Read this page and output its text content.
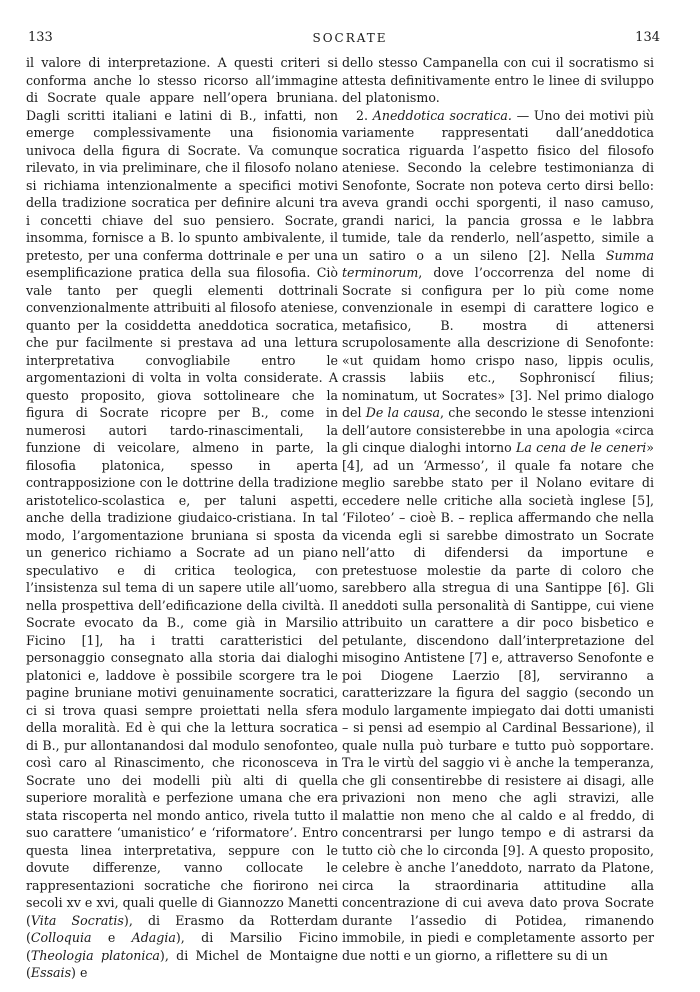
133	SOCRATE	134

il valore di interpretazione. A questi criteri si conforma anche lo stesso ricorso all’immagine di Socrate quale appare nell’opera bruniana. Dagli scritti italiani e latini di B., infatti, non emerge complessivamente una fisionomia univoca della figura di Socrate. Va comunque rilevato, in via preliminare, che il filosofo nolano si richiama intenzionalmente a specifici motivi della tradizione socratica per definire alcuni tra i concetti chiave del suo pensiero. Socrate, insomma, fornisce a B. lo spunto ambivalente, il pretesto, per una conferma dottrinale e per una esemplificazione pratica della sua filosofia. Ciò vale tanto per quegli elementi dottrinali convenzionalmente attribuiti al filosofo ateniese, quanto per la cosiddetta aneddotica socratica, che pur facilmente si prestava ad una lettura interpretativa convogliabile entro le argomentazioni di volta in volta considerate. A questo proposito, giova sottolineare che la figura di Socrate ricopre per B., come in numerosi autori tardo-rinascimentali, la funzione di veicolare, almeno in parte, la filosofia platonica, spesso in aperta contrapposizione con le dottrine della tradizione aristotelico-scolastica e, per taluni aspetti, anche della tradizione giudaico-cristiana. In tal modo, l’argomentazione bruniana si sposta da un generico richiamo a Socrate ad un piano speculativo e di critica teologica, con l’insistenza sul tema di un sapere utile all’uomo, nella prospettiva dell’edificazione della civiltà. Il Socrate evocato da B., come già in Marsilio Ficino [1], ha i tratti caratteristici del personaggio consegnato alla storia dai dialoghi platonici e, laddove è possibile scorgere tra le pagine bruniane motivi genuinamente socratici, ci si trova quasi sempre proiettati nella sfera della moralità. Ed è qui che la lettura socratica di B., pur allontanandosi dal modulo senofonteo, così caro al Rinascimento, che riconosceva in Socrate uno dei modelli più alti di quella superiore moralità e perfezione umana che era stata riscoperta nel mondo antico, rivela tutto il suo carattere ‘umanistico’ e ‘riformatore’. Entro questa linea interpretativa, seppure con le dovute differenze, vanno collocate le rappresentazioni socratiche che fiorirono nei secoli xv e xvi, quali quelle di Giannozzo Manetti (Vita Socratis), di Erasmo da Rotterdam (Colloquia e Adagia), di Marsilio Ficino (Theologia platonica), di Michel de Montaigne (Essais) e

dello stesso Campanella con cui il socratismo si attesta definitivamente entro le linee di sviluppo del platonismo.

2. Aneddotica socratica. — Uno dei motivi più variamente rappresentati dall’aneddotica socratica riguarda l’aspetto fisico del filosofo ateniese. Secondo la celebre testimonianza di Senofonte, Socrate non poteva certo dirsi bello: aveva grandi occhi sporgenti, il naso camuso, grandi narici, la pancia grossa e le labbra tumide, tale da renderlo, nell’aspetto, simile a un satiro o a un sileno [2]. Nella Summa terminorum, dove l’occorrenza del nome di Socrate si configura per lo più come nome convenzionale in esempi di carattere logico e metafisico, B. mostra di attenersi scrupolosamente alla descrizione di Senofonte: «ut quidam homo crispo naso, lippis oculis, crassis labiis etc., Sophroniscí filius; nominatum, ut Socrates» [3]. Nel primo dialogo del De la causa, che secondo le stesse intenzioni dell’autore consisterebbe in una apologia «circa gli cinque dialoghi intorno La cena de le ceneri» [4], ad un ‘Armesso’, il quale fa notare che meglio sarebbe stato per il Nolano evitare di eccedere nelle critiche alla società inglese [5], ‘Filoteo’ – cioè B. – replica affermando che nella vicenda egli si sarebbe dimostrato un Socrate nell’atto di difendersi da importune e pretestuose molestie da parte di coloro che sarebbero alla stregua di una Santippe [6]. Gli aneddoti sulla personalità di Santippe, cui viene attribuito un carattere a dir poco bisbetico e petulante, discendono dall’interpretazione del misogino Antistene [7] e, attraverso Senofonte e poi Diogene Laerzio [8], serviranno a caratterizzare la figura del saggio (secondo un modulo largamente impiegato dai dotti umanisti – si pensi ad esempio al Cardinal Bessarione), il quale nulla può turbare e tutto può sopportare. Tra le virtù del saggio vi è anche la temperanza, che gli consentirebbe di resistere ai disagi, alle privazioni non meno che agli stravizi, alle malattie non meno che al caldo e al freddo, di concentrarsi per lungo tempo e di astrarsi da tutto ciò che lo circonda [9]. A questo proposito, celebre è anche l’aneddoto, narrato da Platone, circa la straordinaria attitudine alla concentrazione di cui aveva dato prova Socrate durante l’assedio di Potidea, rimanendo immobile, in piedi e completamente assorto per due notti e un giorno, a riflettere su di un
